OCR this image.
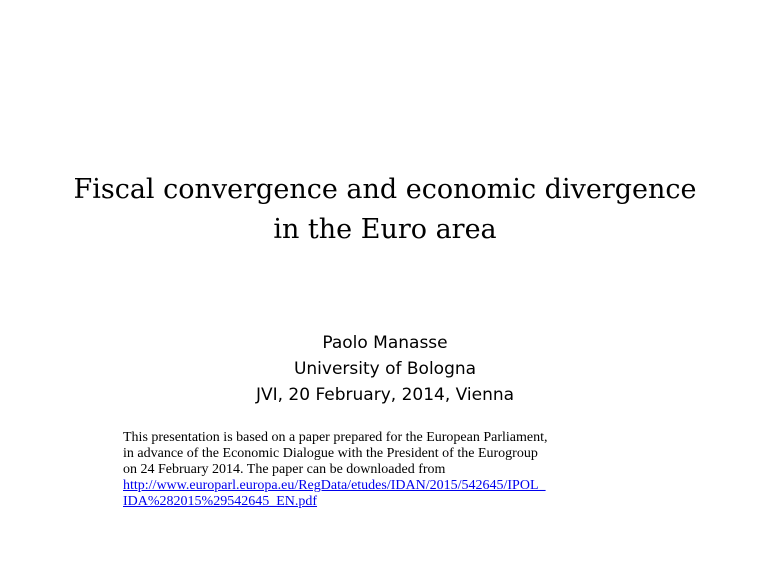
Fiscal convergence and economic divergence
in the Euro area
Paolo Manasse
University of Bologna
JVI, 20 February, 2014, Vienna
This presentation is based on a paper prepared for the European Parliament,
in advance of the Economic Dialogue with the President of the Eurogroup
on 24 February 2014. The paper can be downloaded from
http://www.europarl.europa.eu/RegData/etudes/IDAN/2015/542645/IPOL_
IDA%282015%29542645_EN.pdf
